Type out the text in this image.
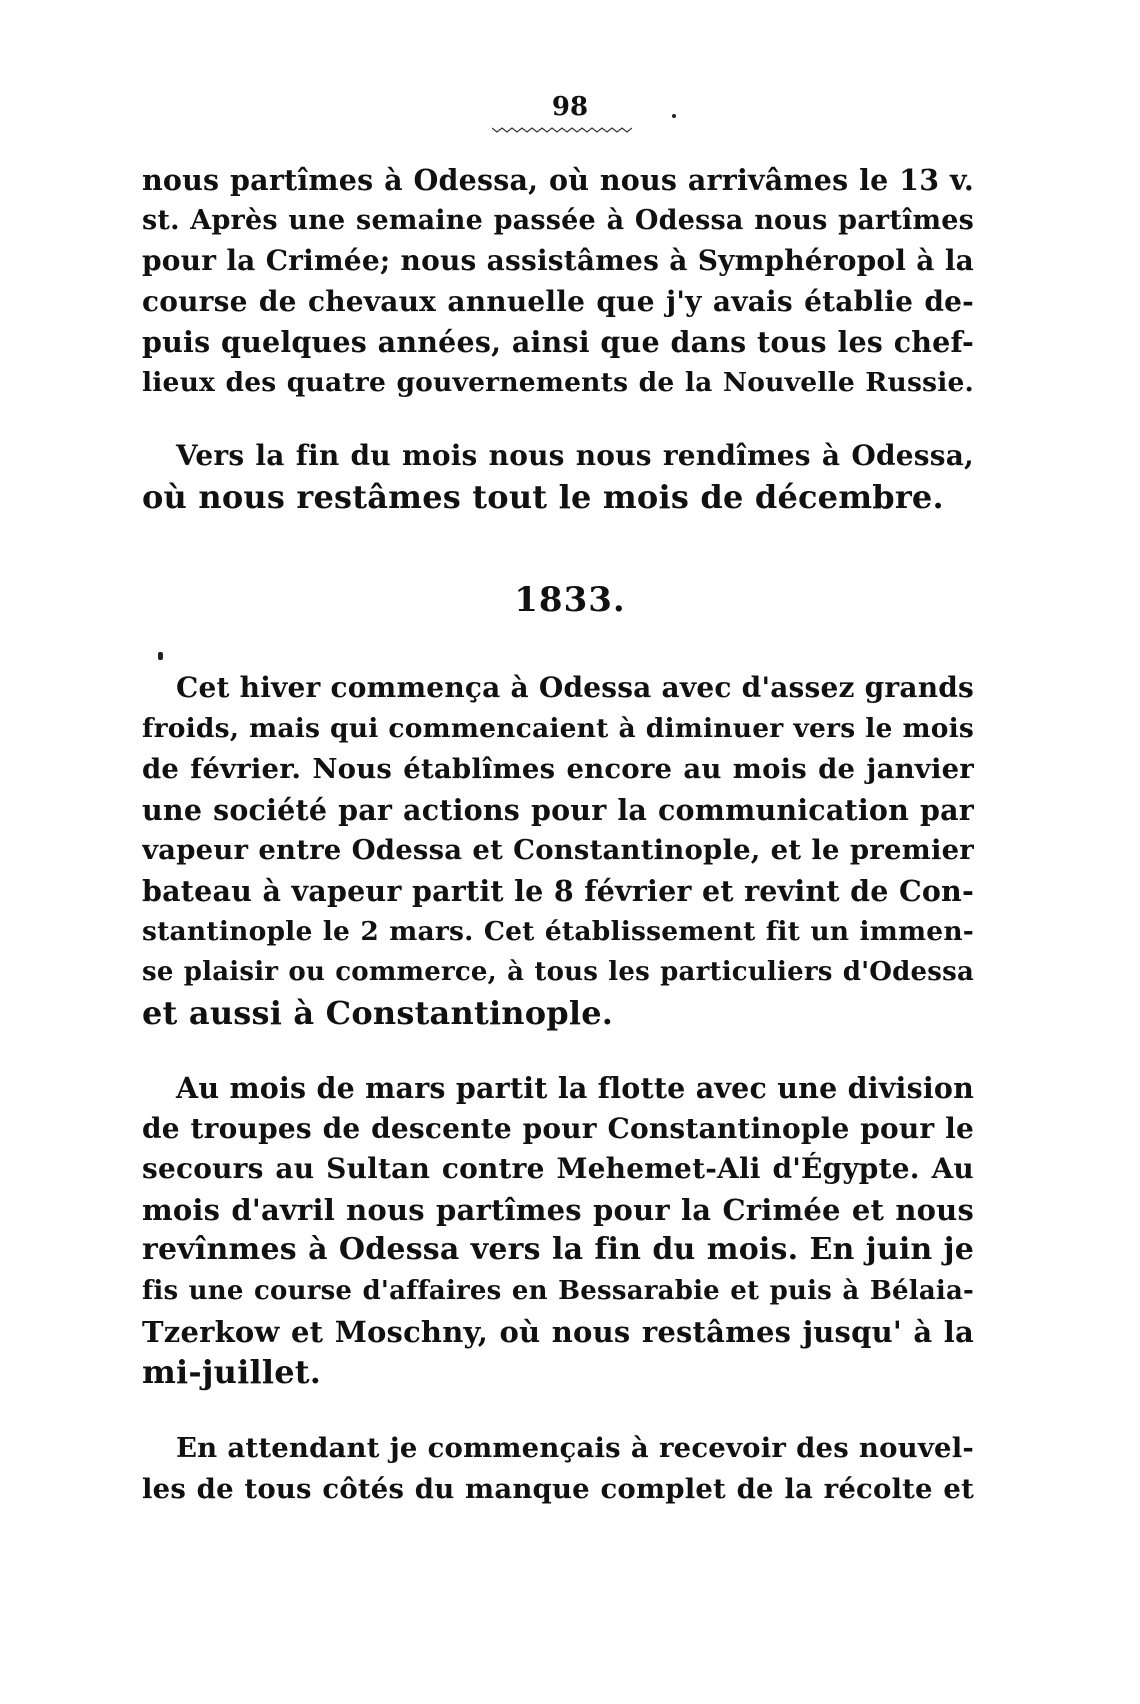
98
nous partîmes à Odessa, où nous arrivâmes le 13 v.
st. Après une semaine passée à Odessa nous partîmes
pour la Crimée; nous assistâmes à Symphéropol à la
course de chevaux annuelle que j'y avais établie de-
puis quelques années, ainsi que dans tous les chef-
lieux des quatre gouvernements de la Nouvelle Russie.
Vers la fin du mois nous nous rendîmes à Odessa,
où nous restâmes tout le mois de décembre.
1833.
Cet hiver commença à Odessa avec d'assez grands
froids, mais qui commencaient à diminuer vers le mois
de février. Nous établîmes encore au mois de janvier
une société par actions pour la communication par
vapeur entre Odessa et Constantinople, et le premier
bateau à vapeur partit le 8 février et revint de Con-
stantinople le 2 mars. Cet établissement fit un immen-
se plaisir ou commerce, à tous les particuliers d'Odessa
et aussi à Constantinople.
Au mois de mars partit la flotte avec une division
de troupes de descente pour Constantinople pour le
secours au Sultan contre Mehemet-Ali d'Égypte. Au
mois d'avril nous partîmes pour la Crimée et nous
revînmes à Odessa vers la fin du mois. En juin je
fis une course d'affaires en Bessarabie et puis à Bélaia-
Tzerkow et Moschny, où nous restâmes jusqu' à la
mi-juillet.
En attendant je commençais à recevoir des nouvel-
les de tous côtés du manque complet de la récolte et
